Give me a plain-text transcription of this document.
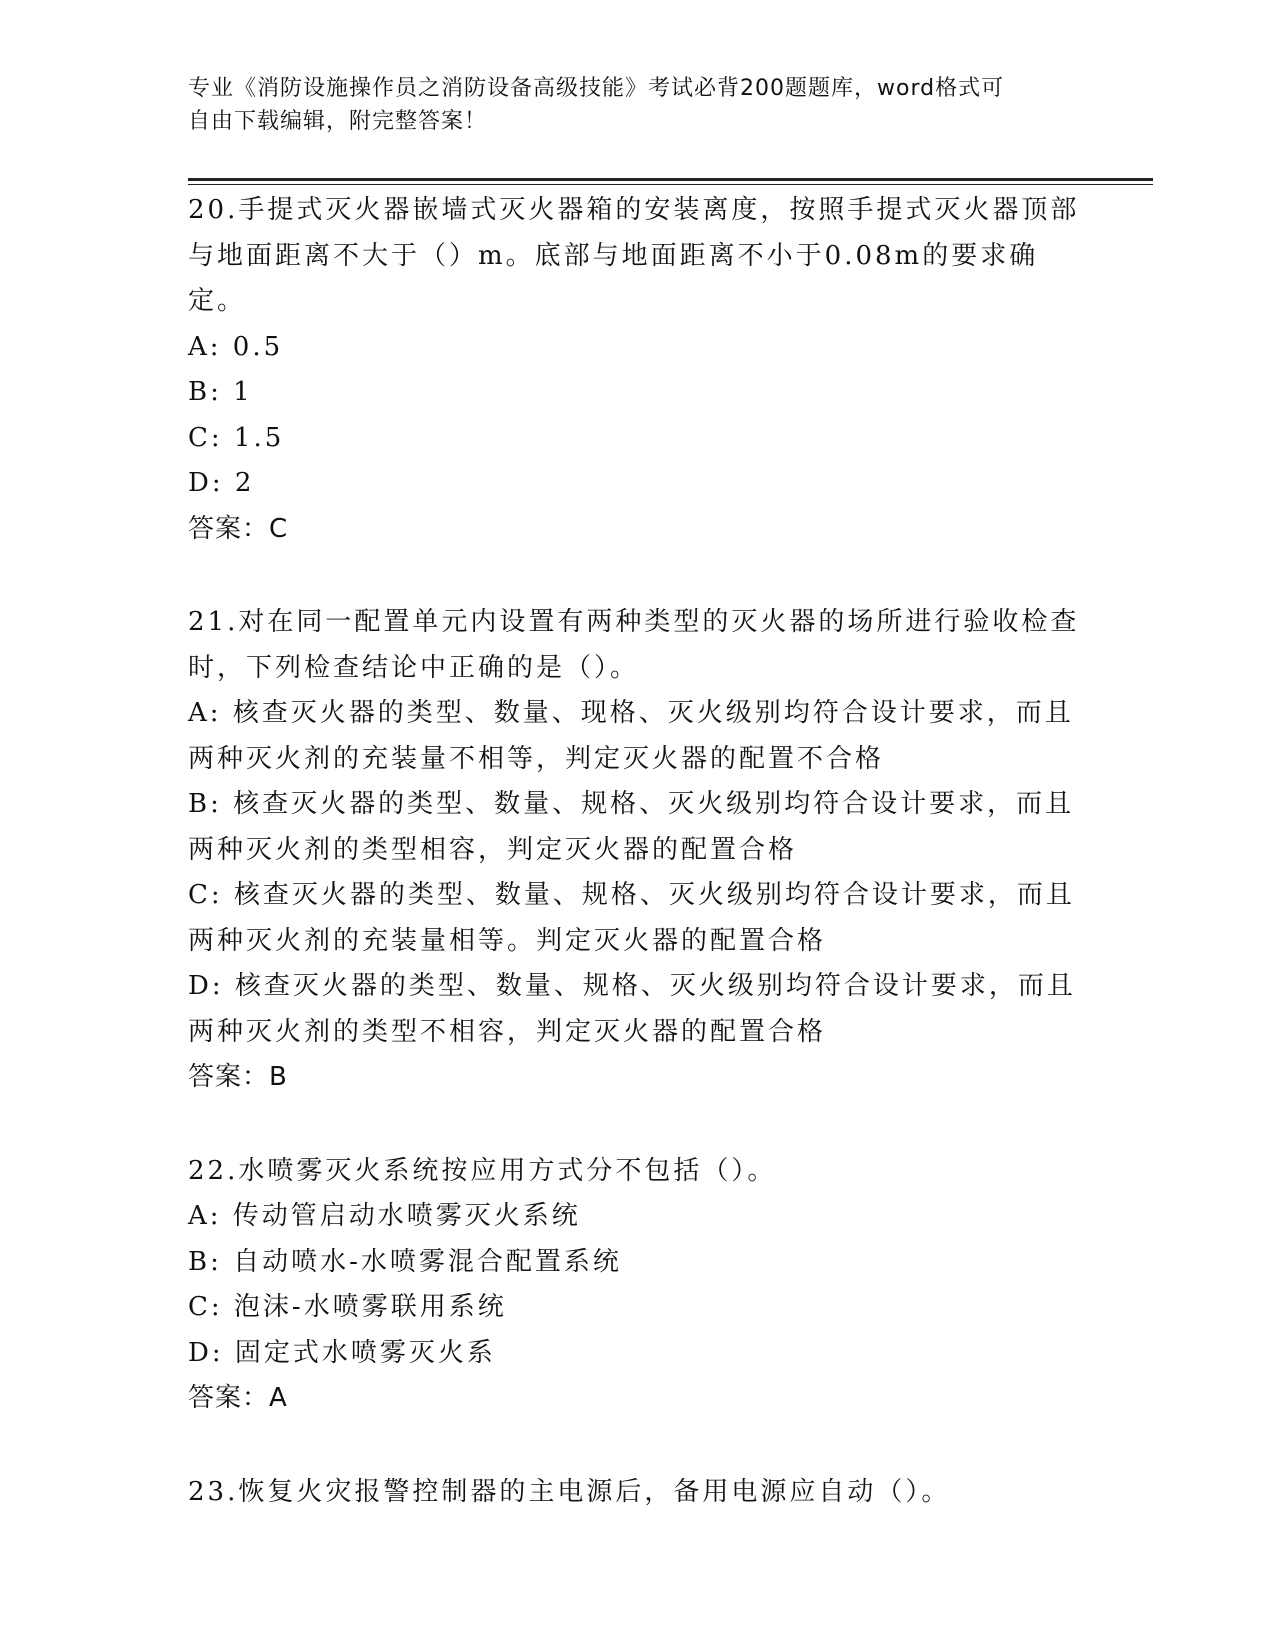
专业《消防设施操作员之消防设备高级技能》考试必背200题题库，word格式可
自由下载编辑，附完整答案！

20.手提式灭火器嵌墙式灭火器箱的安装离度，按照手提式灭火器顶部与地面距离不大于（）m。底部与地面距离不小于0.08m的要求确定。

A: 0.5

B: 1

C: 1.5

D: 2

答案：C

21.对在同一配置单元内设置有两种类型的灭火器的场所进行验收检查时，下列检查结论中正确的是（）。

A: 核查灭火器的类型、数量、现格、灭火级别均符合设计要求，而且两种灭火剂的充装量不相等，判定灭火器的配置不合格

B: 核查灭火器的类型、数量、规格、灭火级别均符合设计要求，而且两种灭火剂的类型相容，判定灭火器的配置合格

C: 核查灭火器的类型、数量、规格、灭火级别均符合设计要求，而且两种灭火剂的充装量相等。判定灭火器的配置合格

D: 核查灭火器的类型、数量、规格、灭火级别均符合设计要求，而且两种灭火剂的类型不相容，判定灭火器的配置合格

答案：B

22.水喷雾灭火系统按应用方式分不包括（）。

A: 传动管启动水喷雾灭火系统

B: 自动喷水-水喷雾混合配置系统

C: 泡沫-水喷雾联用系统

D: 固定式水喷雾灭火系

答案：A

23.恢复火灾报警控制器的主电源后，备用电源应自动（）。
